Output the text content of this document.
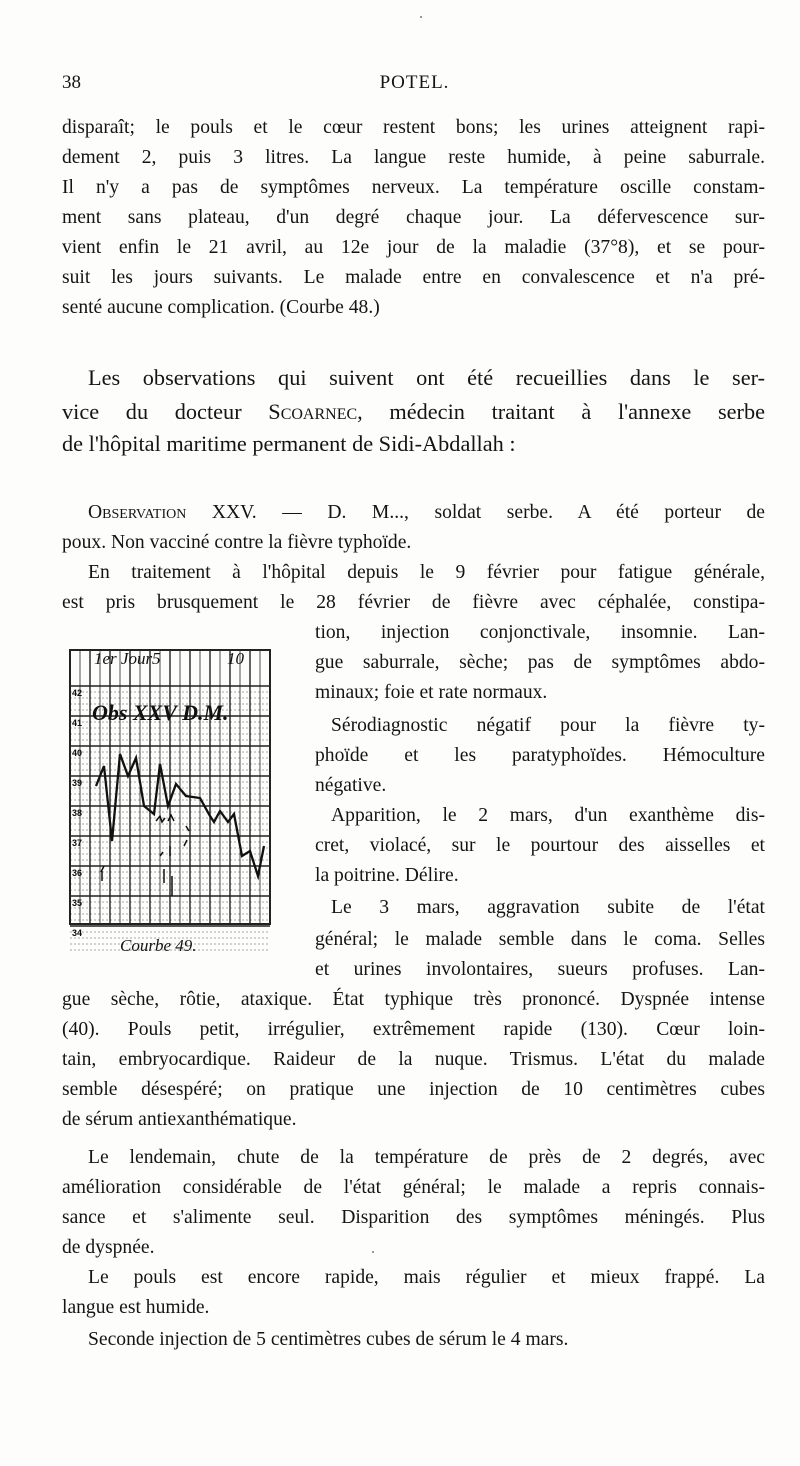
38	POTEL.
disparaît; le pouls et le cœur restent bons; les urines atteignent rapi-
dement 2, puis 3 litres. La langue reste humide, à peine saburrale.
Il n'y a pas de symptômes nerveux. La température oscille constam-
ment sans plateau, d'un degré chaque jour. La défervescence sur-
vient enfin le 21 avril, au 12e jour de la maladie (37°8), et se pour-
suit les jours suivants. Le malade entre en convalescence et n'a pré-
senté aucune complication. (Courbe 48.)
Les observations qui suivent ont été recueillies dans le ser-
vice du docteur Scoarnec, médecin traitant à l'annexe serbe
de l'hôpital maritime permanent de Sidi-Abdallah :
Observation XXV. — D. M..., soldat serbe. A été porteur de
poux. Non vacciné contre la fièvre typhoïde.
En traitement à l'hôpital depuis le 9 février pour fatigue générale,
est pris brusquement le 28 février de fièvre avec céphalée, constipa-
tion, injection conjonctivale, insomnie. Lan-
gue saburrale, sèche; pas de symptômes abdo-
minaux; foie et rate normaux.
Sérodiagnostic négatif pour la fièvre ty-
phoïde et les paratyphoïdes. Hémoculture
négative.
Apparition, le 2 mars, d'un exanthème dis-
cret, violacé, sur le pourtour des aisselles et
la poitrine. Délire.
Le 3 mars, aggravation subite de l'état
général; le malade semble dans le coma. Selles
et urines involontaires, sueurs profuses. Lan-
gue sèche, rôtie, ataxique. État typhique très prononcé. Dyspnée intense
(40). Pouls petit, irrégulier, extrêmement rapide (130). Cœur loin-
tain, embryocardique. Raideur de la nuque. Trismus. L'état du malade
semble désespéré; on pratique une injection de 10 centimètres cubes
de sérum antiexanthématique.
Le lendemain, chute de la température de près de 2 degrés, avec
amélioration considérable de l'état général; le malade a repris connais-
sance et s'alimente seul. Disparition des symptômes méningés. Plus
de dyspnée.
Le pouls est encore rapide, mais régulier et mieux frappé. La
langue est humide.
Seconde injection de 5 centimètres cubes de sérum le 4 mars.
42
41
40
39
38
37
36
35
34
1er Jour 5	10
Obs XXV D.M.
Courbe 49.
